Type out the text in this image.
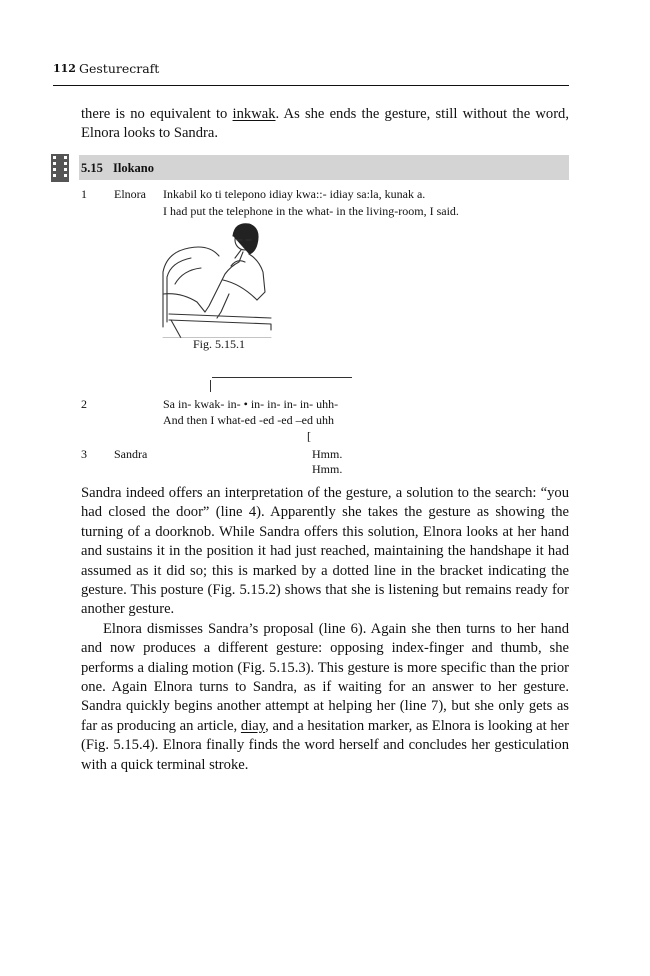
112 Gesturecraft

there is no equivalent to inkwak. As she ends the gesture, still without the word, Elnora looks to Sandra.

5.15 Ilokano
1 Elnora Inkabil ko ti telepono idiay kwa::- idiay sa:la, kunak a.
I had put the telephone in the what- in the living-room, I said.
Fig. 5.15.1
2	Sa in- kwak- in- • in- in- in- in- uhh-
And then I what-ed -ed -ed –ed uhh
[
3 Sandra	Hmm.
Hmm.

Sandra indeed offers an interpretation of the gesture, a solution to the search: “you had closed the door” (line 4). Apparently she takes the gesture as showing the turning of a doorknob. While Sandra offers this solution, Elnora looks at her hand and sustains it in the position it had just reached, maintaining the handshape it had assumed as it did so; this is marked by a dotted line in the bracket indicating the gesture. This posture (Fig. 5.15.2) shows that she is listening but remains ready for another gesture.

Elnora dismisses Sandra’s proposal (line 6). Again she then turns to her hand and now produces a different gesture: opposing index-finger and thumb, she performs a dialing motion (Fig. 5.15.3). This gesture is more specific than the prior one. Again Elnora turns to Sandra, as if waiting for an answer to her gesture. Sandra quickly begins another attempt at helping her (line 7), but she only gets as far as producing an article, diay, and a hesitation marker, as Elnora is looking at her (Fig. 5.15.4). Elnora finally finds the word herself and concludes her gesticulation with a quick terminal stroke.
